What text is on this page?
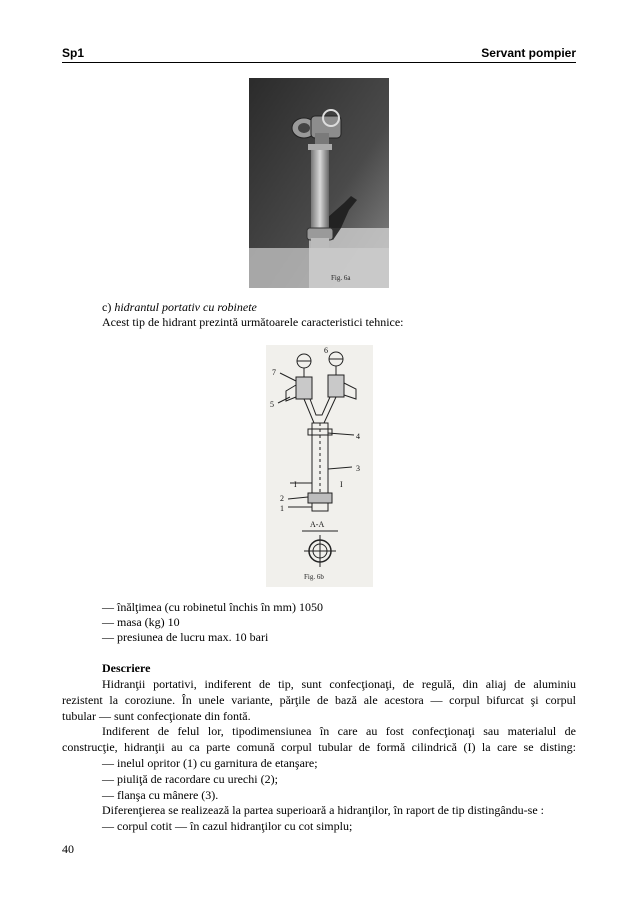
Sp1	Servant pompier
Fig. 6a
c) hidrantul portativ cu robinete
Acest tip de hidrant prezintă următoarele caracteristici tehnice:
7
6
5
4
3
2
1
A-A
I	I
Fig. 6b
— înălţimea (cu robinetul închis în mm) 1050
— masa (kg) 10
— presiunea de lucru max. 10 bari
Descriere
Hidranţii portativi, indiferent de tip, sunt confecţionaţi, de regulă, din aliaj de aluminiu
rezistent la coroziune. În unele variante, părţile de bază ale acestora — corpul bifurcat şi corpul
tubular — sunt confecţionate din fontă.
Indiferent de felul lor, tipodimensiunea în care au fost confecţionaţi sau materialul de
construcţie, hidranţii au ca parte comună corpul tubular de formă cilindrică (I) la care se disting:
— inelul opritor (1) cu garnitura de etanşare;
— piuliţă de racordare cu urechi (2);
— flanşa cu mânere (3).
Diferenţierea se realizează la partea superioară a hidranţilor, în raport de tip distingându-se :
— corpul cotit — în cazul hidranţilor cu cot simplu;
40
